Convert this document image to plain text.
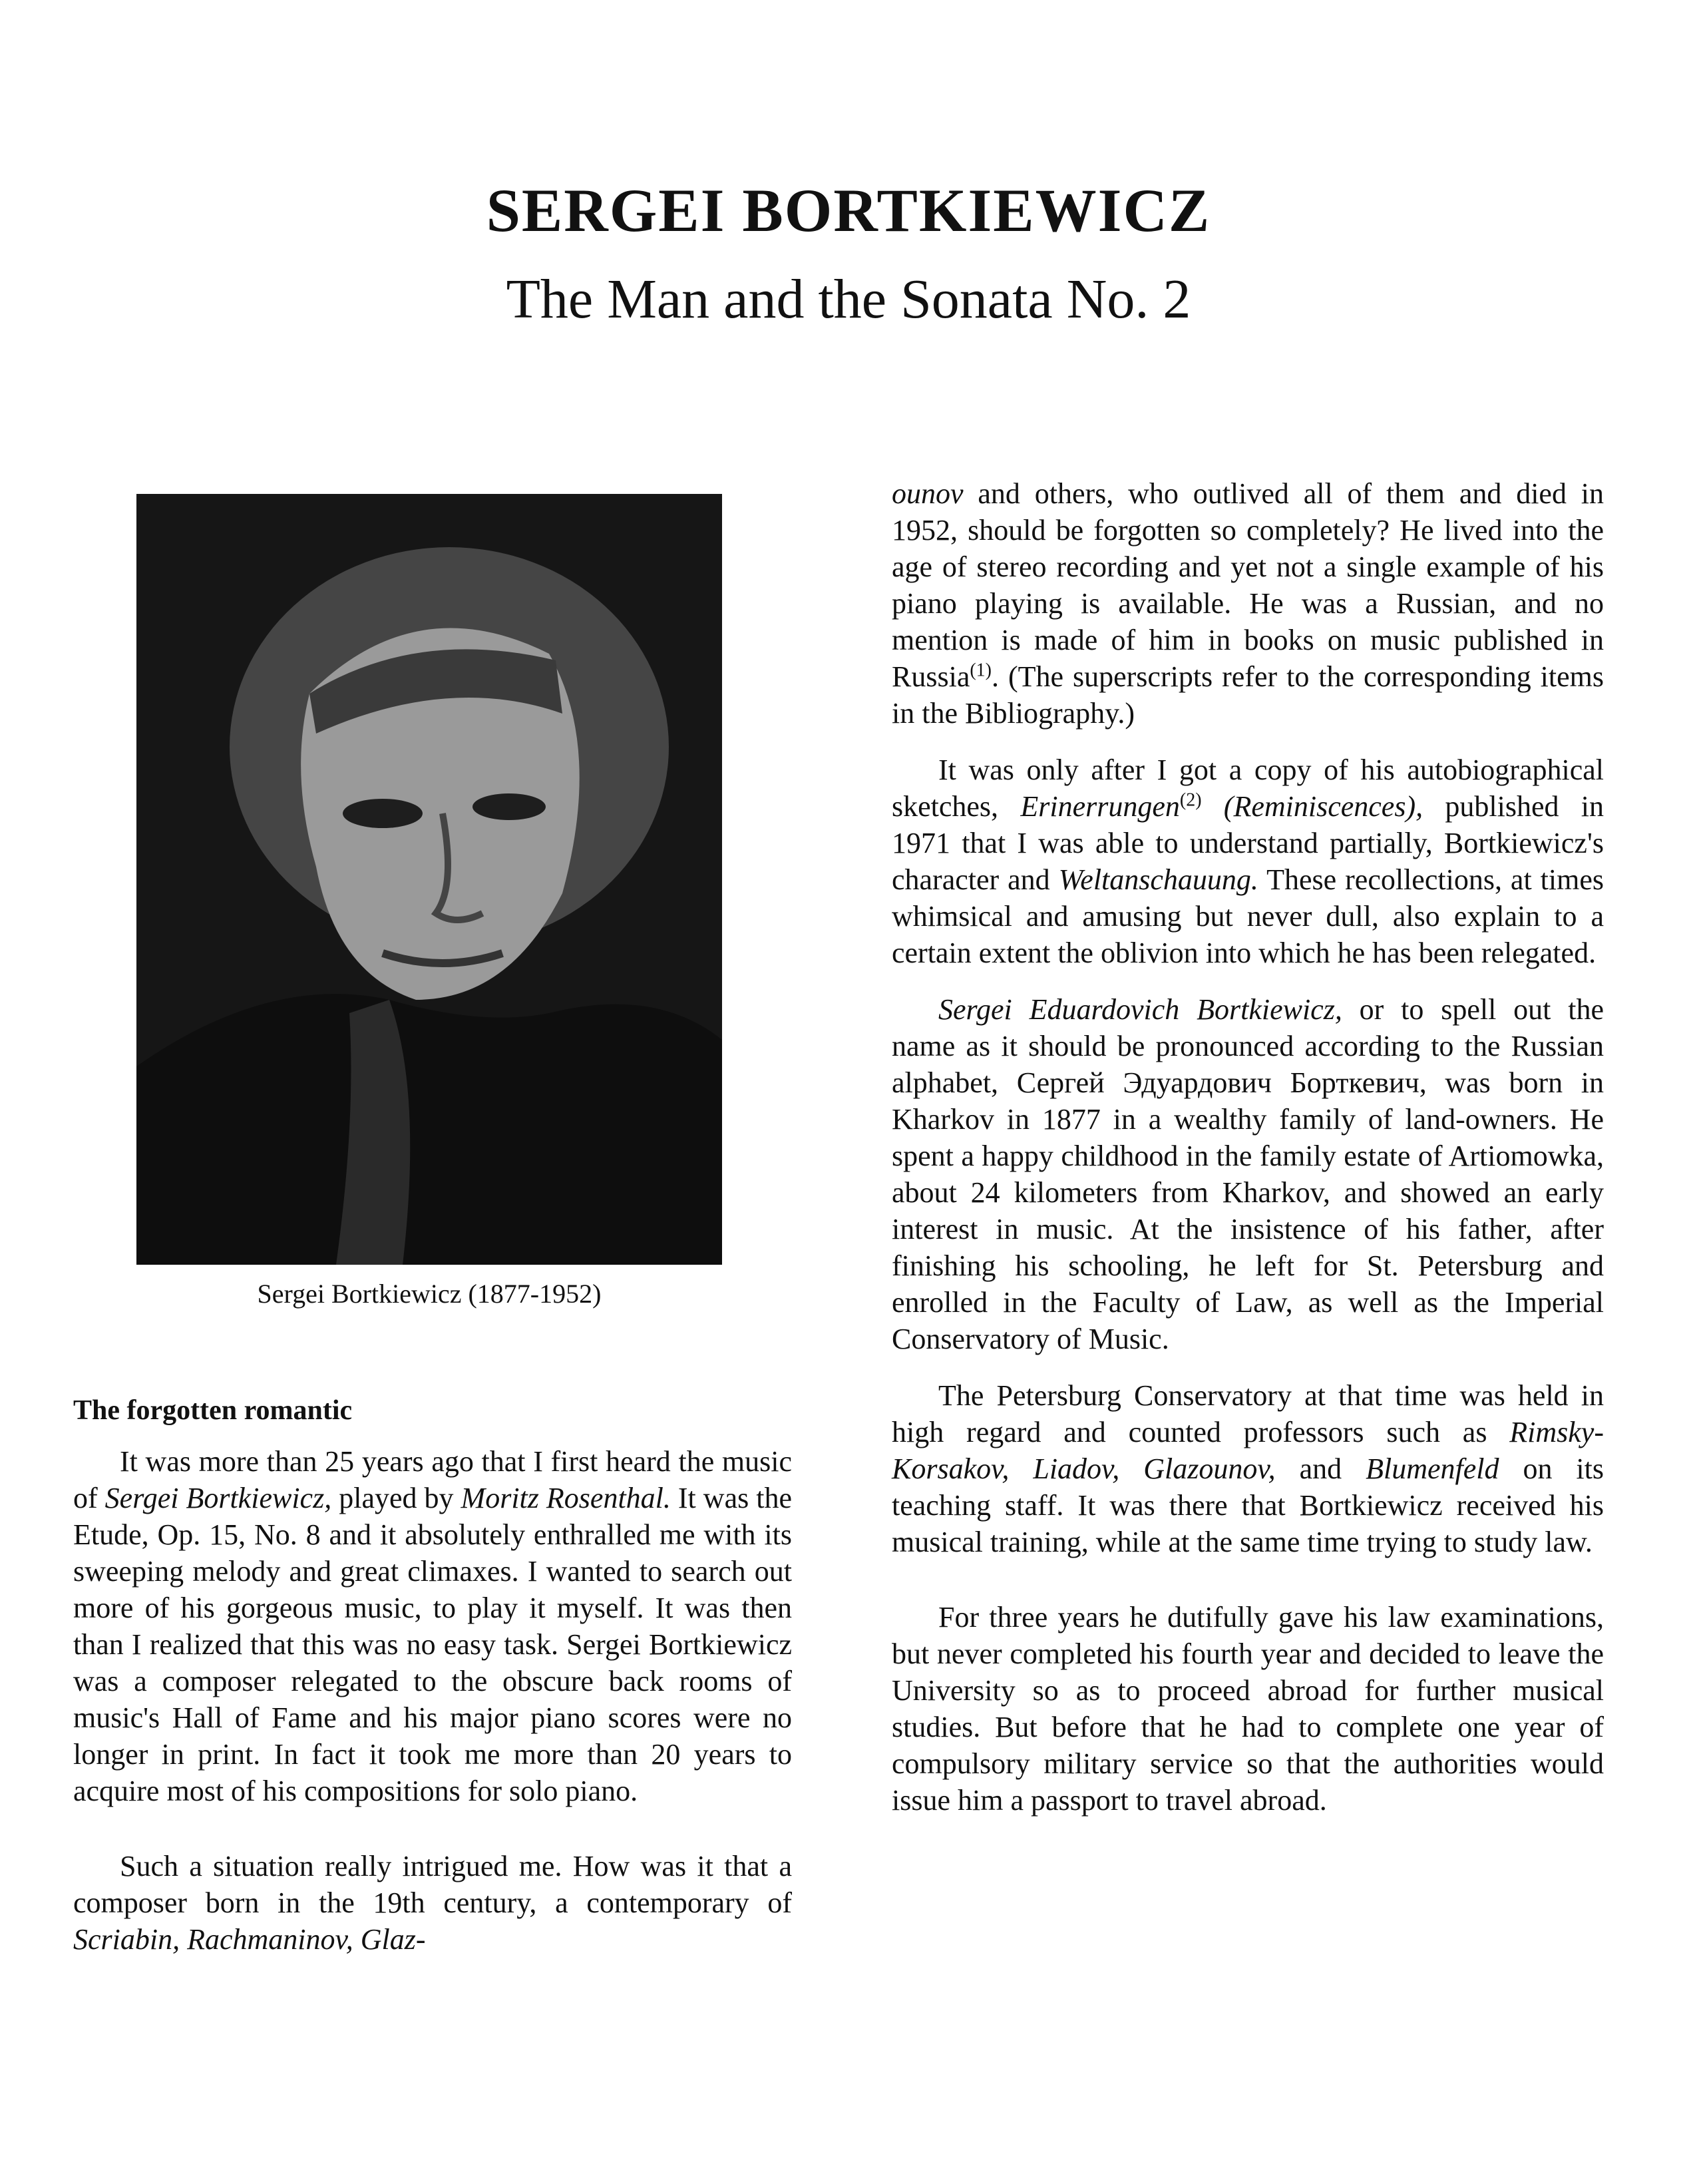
SERGEI BORTKIEWICZ
The Man and the Sonata No. 2
Sergei Bortkiewicz (1877-1952)
The forgotten romantic

It was more than 25 years ago that I first heard the music of Sergei Bortkiewicz, played by Moritz Rosenthal. It was the Etude, Op. 15, No. 8 and it absolutely enthralled me with its sweeping melody and great climaxes. I wanted to search out more of his gorgeous music, to play it myself. It was then than I realized that this was no easy task. Sergei Bortkiewicz was a composer relegated to the obscure back rooms of music's Hall of Fame and his major piano scores were no longer in print. In fact it took me more than 20 years to acquire most of his compositions for solo piano.

Such a situation really intrigued me. How was it that a composer born in the 19th century, a contemporary of Scriabin, Rachmaninov, Glaz-

ounov and others, who outlived all of them and died in 1952, should be forgotten so completely? He lived into the age of stereo recording and yet not a single example of his piano playing is available. He was a Russian, and no mention is made of him in books on music published in Russia$^{(1)}$. (The superscripts refer to the corresponding items in the Bibliography.)

It was only after I got a copy of his autobiographical sketches, Erinerrungen$^{(2)}$ (Reminiscences), published in 1971 that I was able to understand partially, Bortkiewicz's character and Weltanschauung. These recollections, at times whimsical and amusing but never dull, also explain to a certain extent the oblivion into which he has been relegated.

Sergei Eduardovich Bortkiewicz, or to spell out the name as it should be pronounced according to the Russian alphabet, Сергей Эдуардович Борткевич, was born in Kharkov in 1877 in a wealthy family of land-owners. He spent a happy childhood in the family estate of Artiomowka, about 24 kilometers from Kharkov, and showed an early interest in music. At the insistence of his father, after finishing his schooling, he left for St. Petersburg and enrolled in the Faculty of Law, as well as the Imperial Conservatory of Music.

The Petersburg Conservatory at that time was held in high regard and counted professors such as Rimsky-Korsakov, Liadov, Glazounov, and Blumenfeld on its teaching staff. It was there that Bortkiewicz received his musical training, while at the same time trying to study law.

For three years he dutifully gave his law examinations, but never completed his fourth year and decided to leave the University so as to proceed abroad for further musical studies. But before that he had to complete one year of compulsory military service so that the authorities would issue him a passport to travel abroad.
